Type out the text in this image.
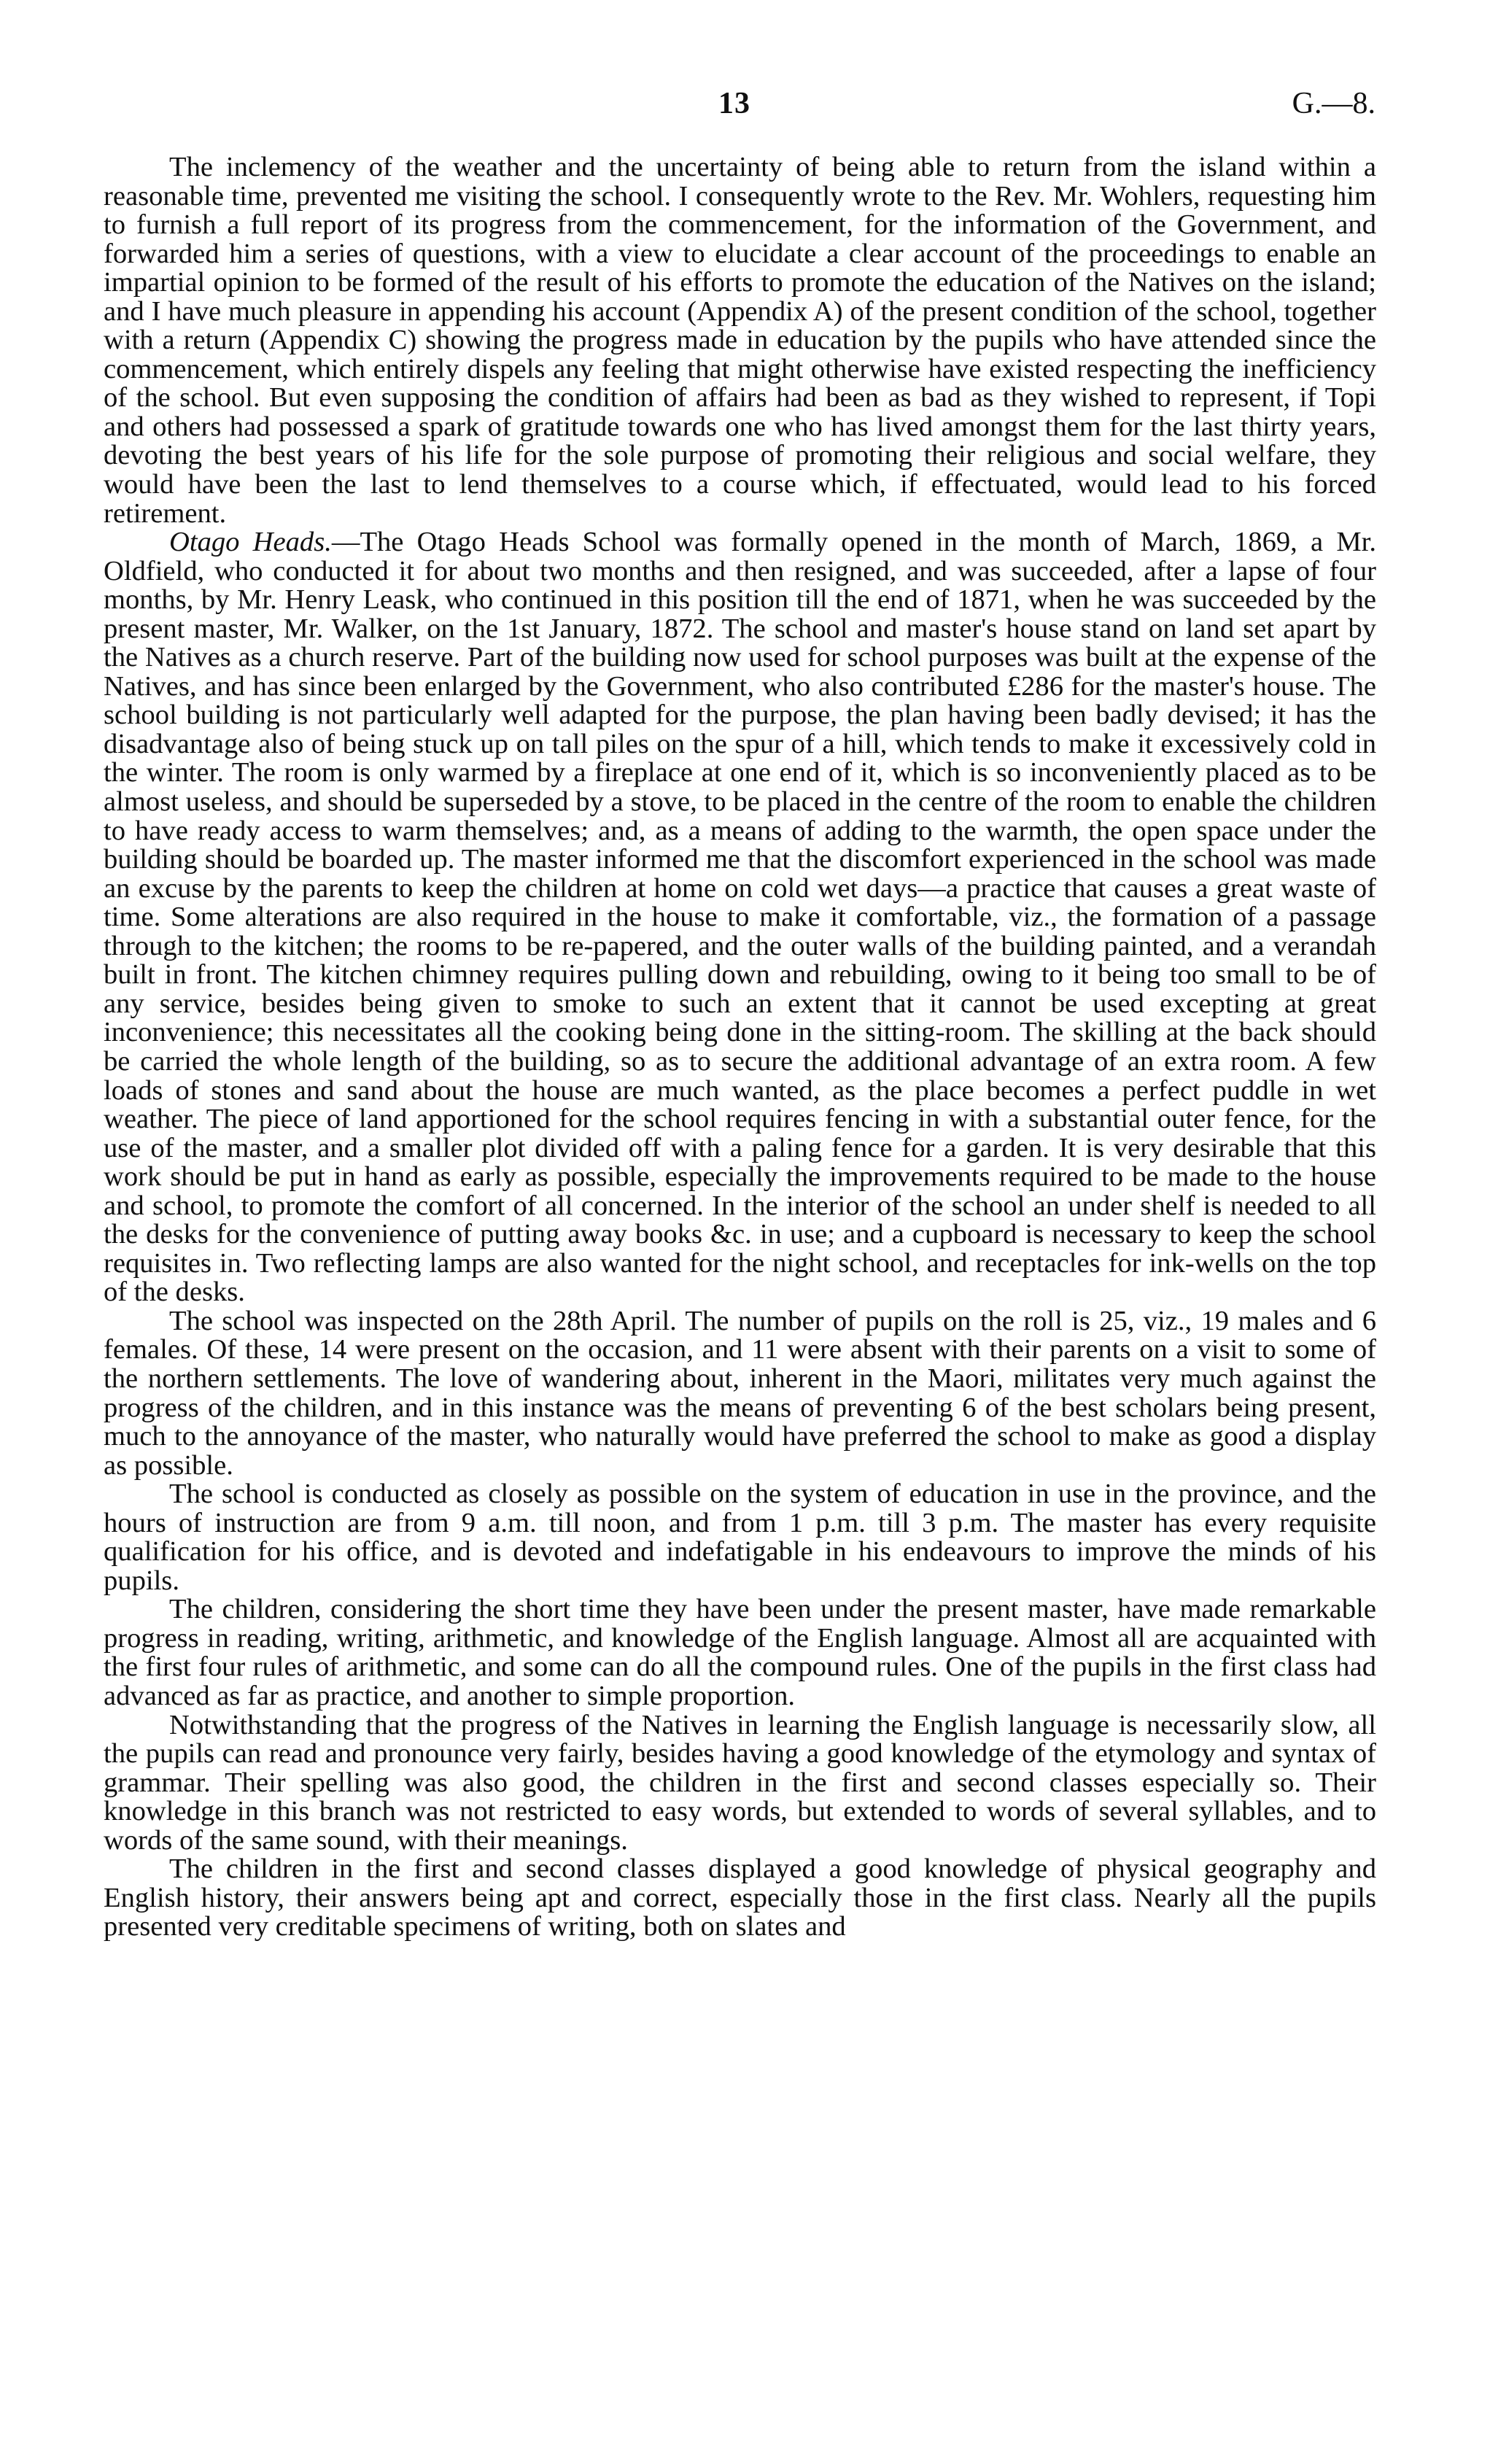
13	G.—8.

The inclemency of the weather and the uncertainty of being able to return from the island within a reasonable time, prevented me visiting the school. I consequently wrote to the Rev. Mr. Wohlers, requesting him to furnish a full report of its progress from the commencement, for the information of the Government, and forwarded him a series of questions, with a view to elucidate a clear account of the proceedings to enable an impartial opinion to be formed of the result of his efforts to promote the education of the Natives on the island; and I have much pleasure in appending his account (Appendix A) of the present condition of the school, together with a return (Appendix C) showing the progress made in education by the pupils who have attended since the commencement, which entirely dispels any feeling that might otherwise have existed respecting the inefficiency of the school. But even supposing the condition of affairs had been as bad as they wished to represent, if Topi and others had possessed a spark of gratitude towards one who has lived amongst them for the last thirty years, devoting the best years of his life for the sole purpose of promoting their religious and social welfare, they would have been the last to lend themselves to a course which, if effectuated, would lead to his forced retirement.

Otago Heads.—The Otago Heads School was formally opened in the month of March, 1869, a Mr. Oldfield, who conducted it for about two months and then resigned, and was succeeded, after a lapse of four months, by Mr. Henry Leask, who continued in this position till the end of 1871, when he was succeeded by the present master, Mr. Walker, on the 1st January, 1872. The school and master's house stand on land set apart by the Natives as a church reserve. Part of the building now used for school purposes was built at the expense of the Natives, and has since been enlarged by the Government, who also contributed £286 for the master's house. The school building is not particularly well adapted for the purpose, the plan having been badly devised; it has the disadvantage also of being stuck up on tall piles on the spur of a hill, which tends to make it excessively cold in the winter. The room is only warmed by a fireplace at one end of it, which is so inconveniently placed as to be almost useless, and should be superseded by a stove, to be placed in the centre of the room to enable the children to have ready access to warm themselves; and, as a means of adding to the warmth, the open space under the building should be boarded up. The master informed me that the discomfort experienced in the school was made an excuse by the parents to keep the children at home on cold wet days—a practice that causes a great waste of time. Some alterations are also required in the house to make it comfortable, viz., the formation of a passage through to the kitchen; the rooms to be re-papered, and the outer walls of the building painted, and a verandah built in front. The kitchen chimney requires pulling down and rebuilding, owing to it being too small to be of any service, besides being given to smoke to such an extent that it cannot be used excepting at great inconvenience; this necessitates all the cooking being done in the sitting-room. The skilling at the back should be carried the whole length of the building, so as to secure the additional advantage of an extra room. A few loads of stones and sand about the house are much wanted, as the place becomes a perfect puddle in wet weather. The piece of land apportioned for the school requires fencing in with a substantial outer fence, for the use of the master, and a smaller plot divided off with a paling fence for a garden. It is very desirable that this work should be put in hand as early as possible, especially the improvements required to be made to the house and school, to promote the comfort of all concerned. In the interior of the school an under shelf is needed to all the desks for the convenience of putting away books &c. in use; and a cupboard is necessary to keep the school requisites in. Two reflecting lamps are also wanted for the night school, and receptacles for ink-wells on the top of the desks.

The school was inspected on the 28th April. The number of pupils on the roll is 25, viz., 19 males and 6 females. Of these, 14 were present on the occasion, and 11 were absent with their parents on a visit to some of the northern settlements. The love of wandering about, inherent in the Maori, militates very much against the progress of the children, and in this instance was the means of preventing 6 of the best scholars being present, much to the annoyance of the master, who naturally would have preferred the school to make as good a display as possible.

The school is conducted as closely as possible on the system of education in use in the province, and the hours of instruction are from 9 a.m. till noon, and from 1 p.m. till 3 p.m. The master has every requisite qualification for his office, and is devoted and indefatigable in his endeavours to improve the minds of his pupils.

The children, considering the short time they have been under the present master, have made remarkable progress in reading, writing, arithmetic, and knowledge of the English language. Almost all are acquainted with the first four rules of arithmetic, and some can do all the compound rules. One of the pupils in the first class had advanced as far as practice, and another to simple proportion.

Notwithstanding that the progress of the Natives in learning the English language is necessarily slow, all the pupils can read and pronounce very fairly, besides having a good knowledge of the etymology and syntax of grammar. Their spelling was also good, the children in the first and second classes especially so. Their knowledge in this branch was not restricted to easy words, but extended to words of several syllables, and to words of the same sound, with their meanings.

The children in the first and second classes displayed a good knowledge of physical geography and English history, their answers being apt and correct, especially those in the first class. Nearly all the pupils presented very creditable specimens of writing, both on slates and
